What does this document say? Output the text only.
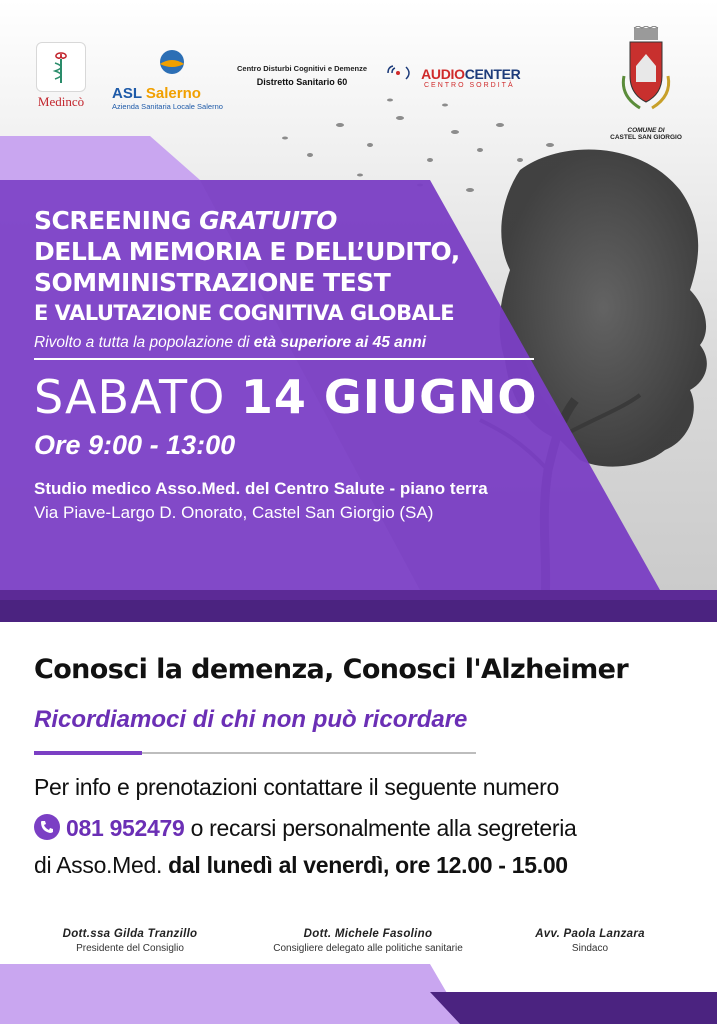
Medincò	ASL Salerno
Azienda Sanitaria Locale Salerno
Centro Disturbi Cognitivi e Demenze
Distretto Sanitario 60	AUDIOCENTER
CENTRO SORDITÀ
COMUNE DI
CASTEL SAN GIORGIO
SCREENING GRATUITO
DELLA MEMORIA E DELL’UDITO,
SOMMINISTRAZIONE TEST
E VALUTAZIONE COGNITIVA GLOBALE
Rivolto a tutta la popolazione di età superiore ai 45 anni
SABATO 14 GIUGNO
Ore 9:00 - 13:00
Studio medico Asso.Med. del Centro Salute - piano terra
Via Piave-Largo D. Onorato, Castel San Giorgio (SA)
Conosci la demenza, Conosci l'Alzheimer
Ricordiamoci di chi non può ricordare
Per info e prenotazioni contattare il seguente numero
081 952479 o recarsi personalmente alla segreteria
di Asso.Med. dal lunedì al venerdì, ore 12.00 - 15.00
Dott.ssa Gilda Tranzillo
Presidente del Consiglio
Dott. Michele Fasolino
Consigliere delegato alle politiche sanitarie
Avv. Paola Lanzara
Sindaco
